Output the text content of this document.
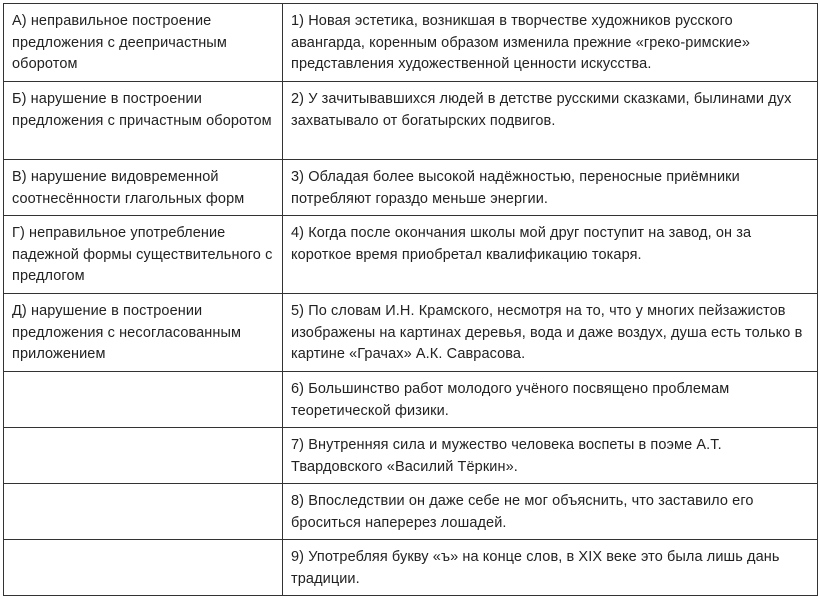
А) неправильное построение предложения с деепричастным оборотом	1) Новая эстетика, возникшая в творчестве художников русского авангарда, коренным образом изменила прежние «греко-римские» представления художественной ценности искусства.
Б) нарушение в построении предложения с причастным оборотом	2) У зачитывавшихся людей в детстве русскими сказками, былинами дух захватывало от богатырских подвигов.
В) нарушение видовременной соотнесённости глагольных форм	3) Обладая более высокой надёжностью, переносные приёмники потребляют гораздо меньше энергии.
Г) неправильное употребление падежной формы существительного с предлогом	4) Когда после окончания школы мой друг поступит на завод, он за короткое время приобретал квалификацию токаря.
Д) нарушение в построении предложения с несогласованным приложением	5) По словам И.Н. Крамского, несмотря на то, что у многих пейзажистов изображены на картинах деревья, вода и даже воздух, душа есть только в картине «Грачах» А.К. Саврасова.
	6) Большинство работ молодого учёного посвящено проблемам теоретической физики.
	7) Внутренняя сила и мужество человека воспеты в поэме А.Т. Твардовского «Василий Тёркин».
	8) Впоследствии он даже себе не мог объяснить, что заставило его броситься наперерез лошадей.
	9) Употребляя букву «ъ» на конце слов, в XIX веке это была лишь дань традиции.
